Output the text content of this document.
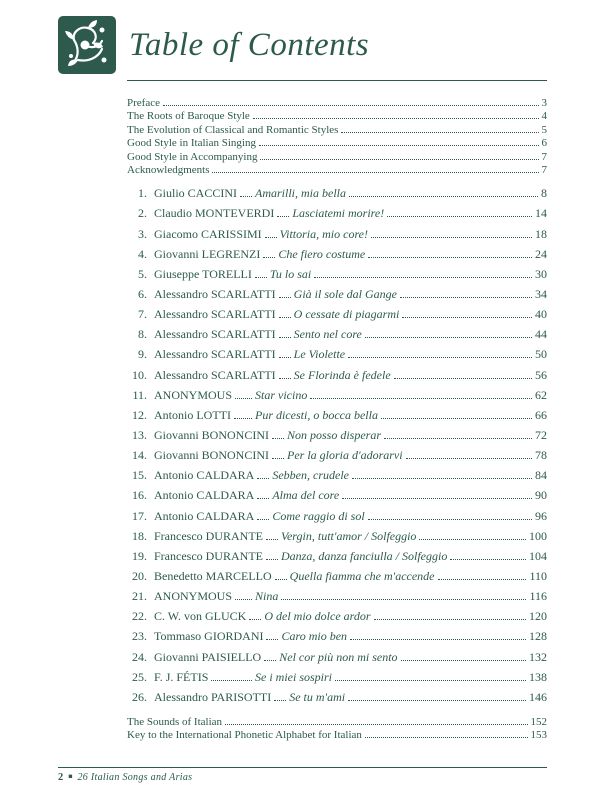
Table of Contents
Preface	3
The Roots of Baroque Style	4
The Evolution of Classical and Romantic Styles	5
Good Style in Italian Singing	6
Good Style in Accompanying	7
Acknowledgments	7
1. Giulio CACCINI Amarilli, mia bella	8
2. Claudio MONTEVERDI Lasciatemi morire!	14
3. Giacomo CARISSIMI Vittoria, mio core!	18
4. Giovanni LEGRENZI Che fiero costume	24
5. Giuseppe TORELLI Tu lo sai	30
6. Alessandro SCARLATTI Già il sole dal Gange	34
7. Alessandro SCARLATTI O cessate di piagarmi	40
8. Alessandro SCARLATTI Sento nel core	44
9. Alessandro SCARLATTI Le Violette	50
10. Alessandro SCARLATTI Se Florinda è fedele	56
11. ANONYMOUS Star vicino	62
12. Antonio LOTTI Pur dicesti, o bocca bella	66
13. Giovanni BONONCINI Non posso disperar	72
14. Giovanni BONONCINI Per la gloria d'adorarvi	78
15. Antonio CALDARA Sebben, crudele	84
16. Antonio CALDARA Alma del core	90
17. Antonio CALDARA Come raggio di sol	96
18. Francesco DURANTE Vergin, tutt'amor / Solfeggio	100
19. Francesco DURANTE Danza, danza fanciulla / Solfeggio	104
20. Benedetto MARCELLO Quella fiamma che m'accende	110
21. ANONYMOUS Nina	116
22. C. W. von GLUCK O del mio dolce ardor	120
23. Tommaso GIORDANI Caro mio ben	128
24. Giovanni PAISIELLO Nel cor più non mi sento	132
25. F. J. FÉTIS	Se i miei sospiri	138
26. Alessandro PARISOTTI Se tu m'ami	146
The Sounds of Italian	152
Key to the International Phonetic Alphabet for Italian	153
2 ■ 26 Italian Songs and Arias
